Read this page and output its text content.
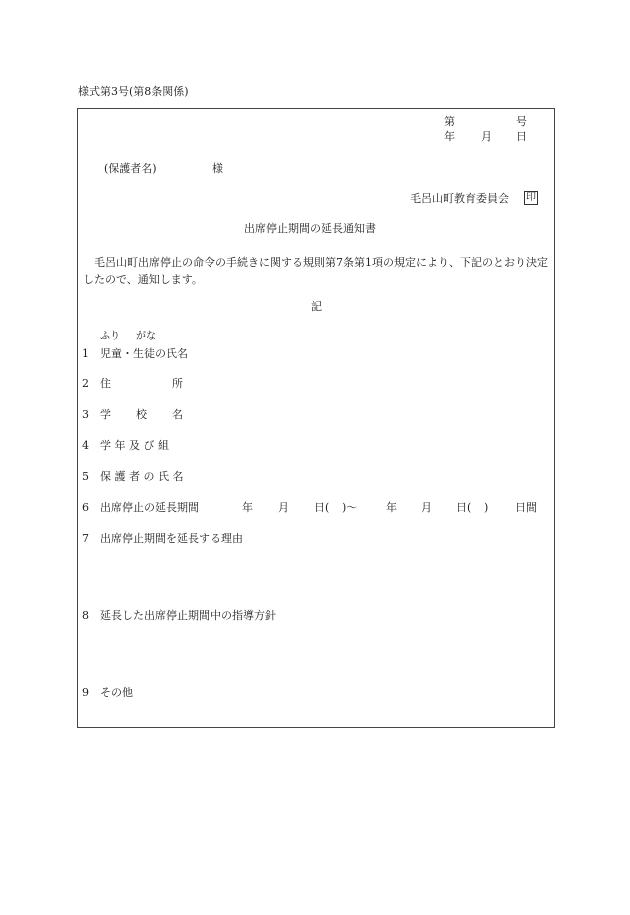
様式第3号(第8条関係)
第	号
年 月 日
(保護者名)	様
毛呂山町教育委員会 印
出席停止期間の延長通知書
毛呂山町出席停止の命令の手続きに関する規則第7条第1項の規定により、下記のとおり決定したので、通知します。
記
ふり がな
1 児童・生徒の氏名
2 住	所
3 学 校 名
4 学 年 及 び 組
5 保 護 者 の 氏 名
6 出席停止の延長期間	年 月 日( )〜	年 月 日( ) 日間
7 出席停止期間を延長する理由
8 延長した出席停止期間中の指導方針
9 その他
